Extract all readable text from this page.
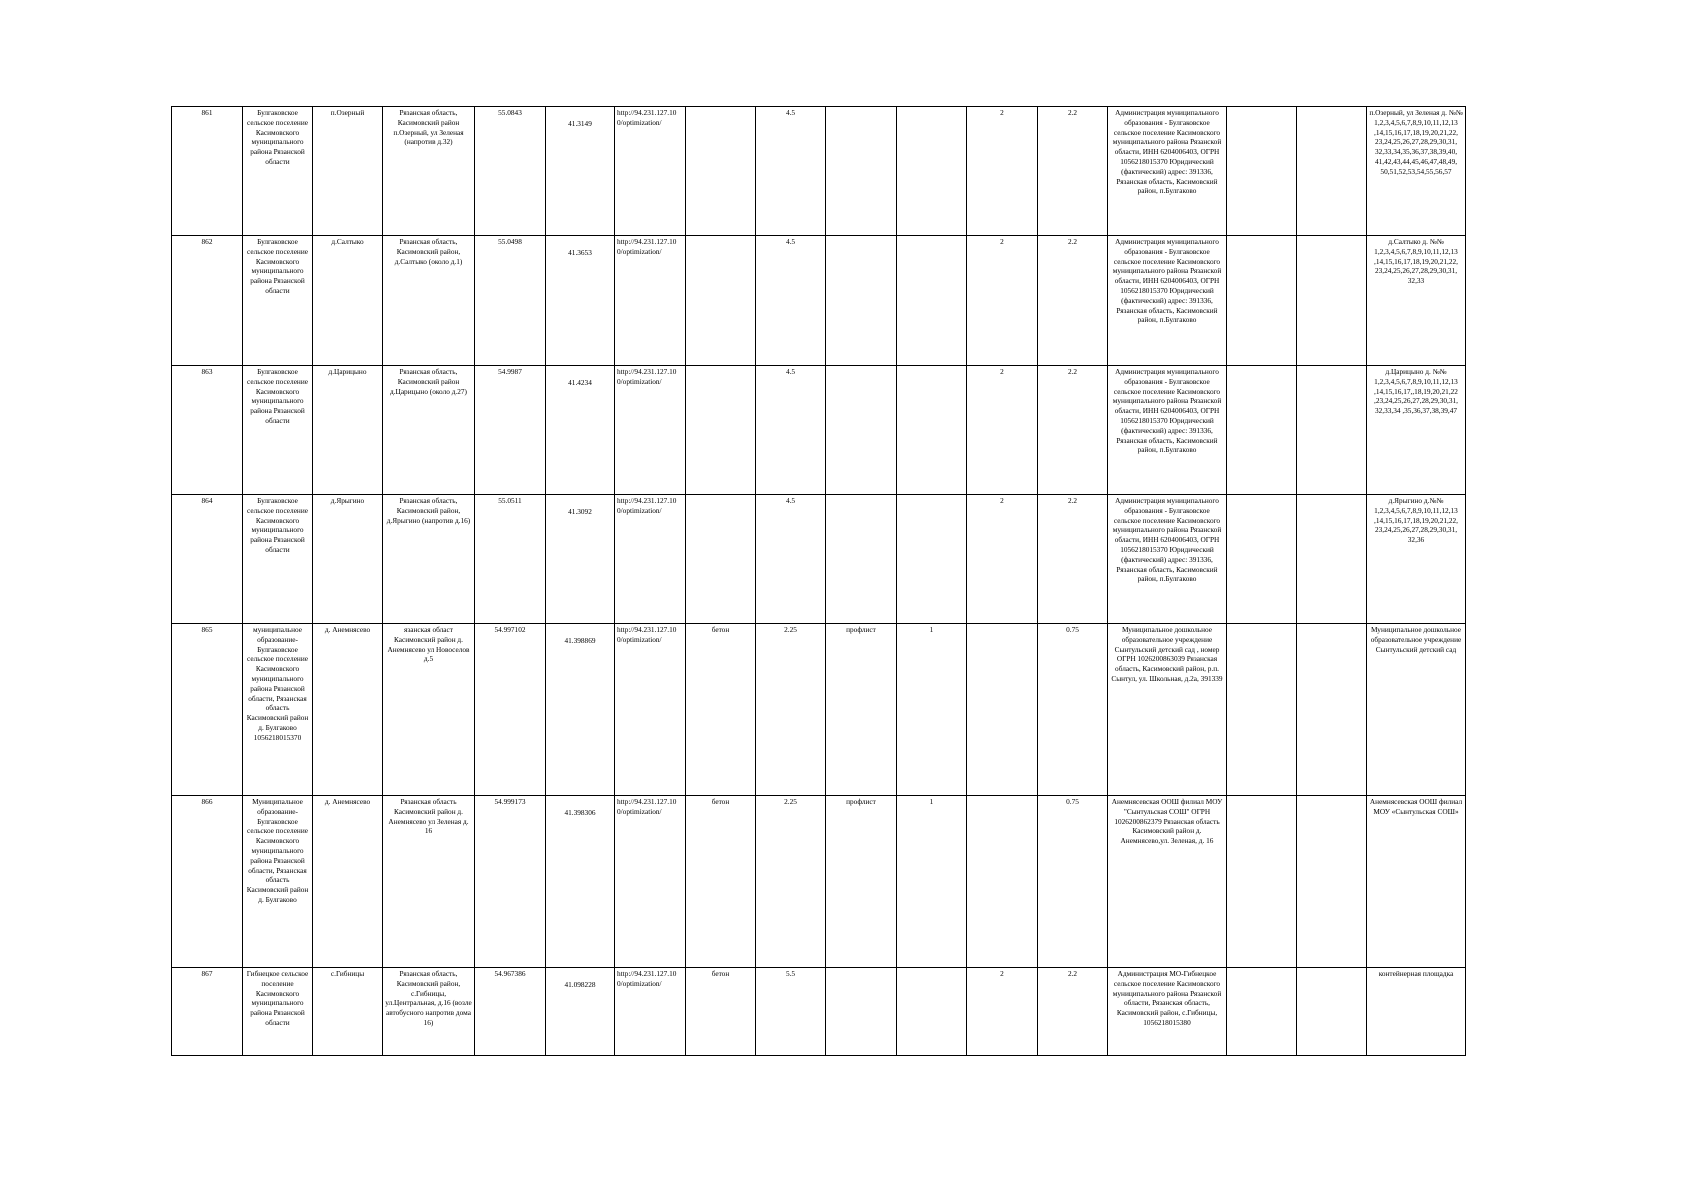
861	Булгаковское сельское поселение Касимовского муниципального района Рязанской области	п.Озерный	Рязанская область, Касимовский район п.Озерный, ул Зеленая (напротив д.32)	55.0843	41.3149	http://94.231.127.10 0/optimization/		4.5			2	2.2	Администрация муниципального образования - Булгаковское сельское поселение Касимовского муниципального района Рязанской области, ИНН 6204006403, ОГРН 1056218015370 Юридический (фактический) адрес: 391336, Рязанская область, Касимовский район, п.Булгаково			п.Озерный, ул Зеленая д. №№ 1,2,3,4,5,6,7,8,9,10,11,12,13 ,14,15,16,17,18,19,20,21,22, 23,24,25,26,27,28,29,30,31, 32,33,34,35,36,37,38,39,40, 41,42,43,44,45,46,47,48,49, 50,51,52,53,54,55,56,57
862	Булгаковское сельское поселение Касимовского муниципального района Рязанской области	д.Салтыко	Рязанская область, Касимовский район, д.Салтыко (около д.1)	55.0498	41.3653	http://94.231.127.10 0/optimization/		4.5			2	2.2	Администрация муниципального образования - Булгаковское сельское поселение Касимовского муниципального района Рязанской области, ИНН 6204006403, ОГРН 1056218015370 Юридический (фактический) адрес: 391336, Рязанская область, Касимовский район, п.Булгаково			д.Салтыко д. №№ 1,2,3,4,5,6,7,8,9,10,11,12,13 ,14,15,16,17,18,19,20,21,22, 23,24,25,26,27,28,29,30,31, 32,33
863	Булгаковское сельское поселение Касимовского муниципального района Рязанской области	д.Царицыно	Рязанская область, Касимовский район д.Царицыно (около д.27)	54.9987	41.4234	http://94.231.127.10 0/optimization/		4.5			2	2.2	Администрация муниципального образования - Булгаковское сельское поселение Касимовского муниципального района Рязанской области, ИНН 6204006403, ОГРН 1056218015370 Юридический (фактический) адрес: 391336, Рязанская область, Касимовский район, п.Булгаково			д.Царицыно д. №№ 1,2,3,4,5,6,7,8,9,10,11,12,13 ,14,15,16,17,,18,19,20,21,22 ,23,24,25,26,27,28,29,30,31, 32,33,34 ,35,36,37,38,39,47
864	Булгаковское сельское поселение Касимовского муниципального района Рязанской области	д.Ярыгино	Рязанская область, Касимовский район, д.Ярыгино (напротив д.16)	55.0511	41.3092	http://94.231.127.10 0/optimization/		4.5			2	2.2	Администрация муниципального образования - Булгаковское сельское поселение Касимовского муниципального района Рязанской области, ИНН 6204006403, ОГРН 1056218015370 Юридический (фактический) адрес: 391336, Рязанская область, Касимовский район, п.Булгаково			д.Ярыгино д.№№ 1,2,3,4,5,6,7,8,9,10,11,12,13 ,14,15,16,17,18,19,20,21,22, 23,24,25,26,27,28,29,30,31, 32,36
865	муниципальное образование- Булгаковское сельское поселение Касимовского муниципального района Рязанской области, Рязанская область Касимовский район д. Булгаково 1056218015370	д. Анемнясево	язанская област Касимовский район д. Анемнясево ул Новоселов д.5	54.997102	41.398869	http://94.231.127.10 0/optimization/	бетон	2.25	профлист	1		0.75	Муниципальное дошкольное образовательное учреждение Сынтульский детский сад , номер ОГРН 1026200863039 Рязанская область, Касимовский район, р.п. Сынтул, ул. Школьная, д.2а, 391339			Муниципальное дошкольное образовательное учреждение Сынтульский детский сад
866	Муниципальное образование- Булгаковское сельское поселение Касимовского муниципального района Рязанской области, Рязанская область Касимовский район д. Булгаково	д. Анемнясево	Рязанская область Касимовский район д. Анемнясево ул Зеленая д. 16	54.999173	41.398306	http://94.231.127.10 0/optimization/	бетон	2.25	профлист	1		0.75	Анемнясевская ООШ филиал МОУ "Сынтульская СОШ" ОГРН 1026200862379 Рязанская область Касимовский район д. Анемнясево,ул. Зеленая, д. 16			Анемнясевская ООШ филиал МОУ «Сынтульская СОШ»
867	Гибнецкое сельское поселение Касимовского муниципального района Рязанской области	с.Гибницы	Рязанская область, Касимовский район, с.Гибницы, ул.Центральная, д.16 (возле автобусного напротив дома 16)	54.967386	41.098228	http://94.231.127.10 0/optimization/	бетон	5.5			2	2.2	Администрация МО-Гибнецкое сельское поселение Касимовского муниципального района Рязанской области, Рязанская область, Касимовский район, с.Гибницы, 1056218015380			контейнерная площадка
